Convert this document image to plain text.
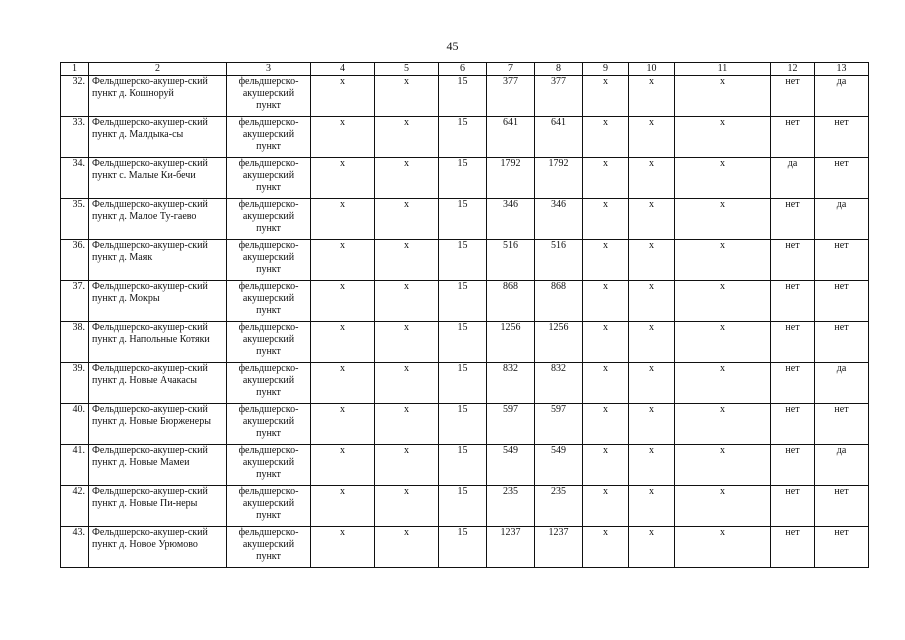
45
1	2	3	4	5	6	7	8	9	10	11	12	13
32.	Фельдшерско-акушер-ский пункт д. Кошноруй	фельдшерско-акушерский пункт	х	х	15	377	377	х	х	х	нет	да
33.	Фельдшерско-акушер-ский пункт д. Малдыка-сы	фельдшерско-акушерский пункт	х	х	15	641	641	х	х	х	нет	нет
34.	Фельдшерско-акушер-ский пункт с. Малые Ки-бечи	фельдшерско-акушерский пункт	х	х	15	1792	1792	х	х	х	да	нет
35.	Фельдшерско-акушер-ский пункт д. Малое Ту-гаево	фельдшерско-акушерский пункт	х	х	15	346	346	х	х	х	нет	да
36.	Фельдшерско-акушер-ский пункт д. Маяк	фельдшерско-акушерский пункт	х	х	15	516	516	х	х	х	нет	нет
37.	Фельдшерско-акушер-ский пункт д. Мокры	фельдшерско-акушерский пункт	х	х	15	868	868	х	х	х	нет	нет
38.	Фельдшерско-акушер-ский пункт д. Напольные Котяки	фельдшерско-акушерский пункт	х	х	15	1256	1256	х	х	х	нет	нет
39.	Фельдшерско-акушер-ский пункт д. Новые Ачакасы	фельдшерско-акушерский пункт	х	х	15	832	832	х	х	х	нет	да
40.	Фельдшерско-акушер-ский пункт д. Новые Бюрженеры	фельдшерско-акушерский пункт	х	х	15	597	597	х	х	х	нет	нет
41.	Фельдшерско-акушер-ский пункт д. Новые Мамеи	фельдшерско-акушерский пункт	х	х	15	549	549	х	х	х	нет	да
42.	Фельдшерско-акушер-ский пункт д. Новые Пи-неры	фельдшерско-акушерский пункт	х	х	15	235	235	х	х	х	нет	нет
43.	Фельдшерско-акушер-ский пункт д. Новое Урюмово	фельдшерско-акушерский пункт	х	х	15	1237	1237	х	х	х	нет	нет
